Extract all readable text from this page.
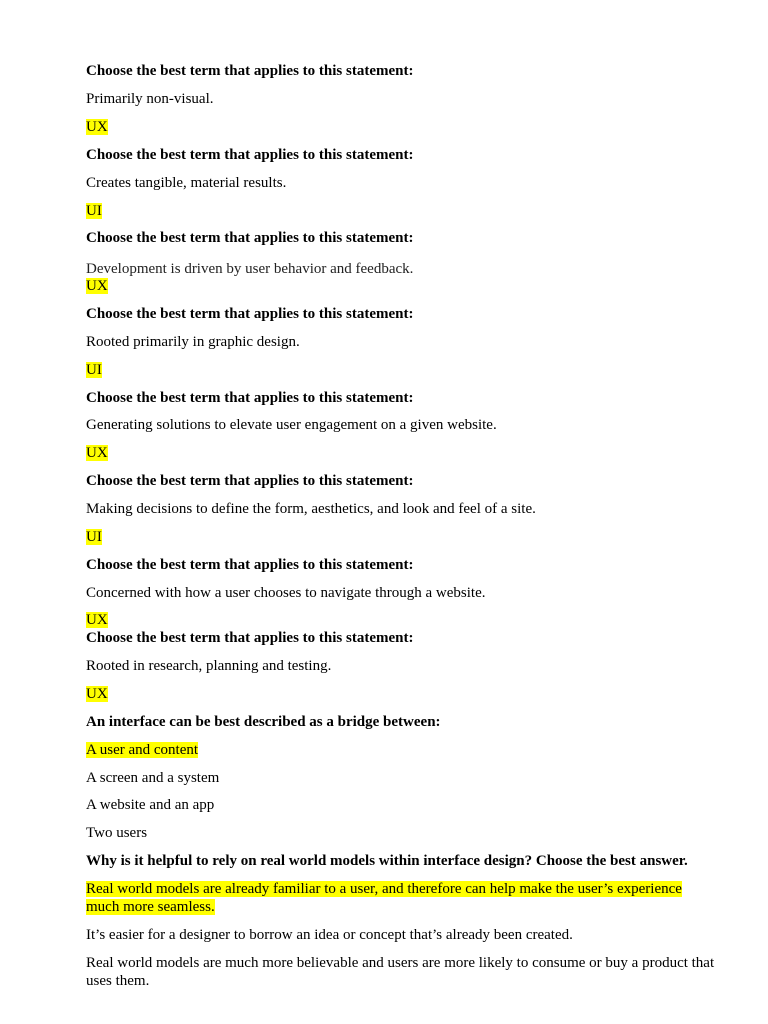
Choose the best term that applies to this statement:
Primarily non-visual.
UX
Choose the best term that applies to this statement:
Creates tangible, material results.
UI
Choose the best term that applies to this statement:
Development is driven by user behavior and feedback.
UX
Choose the best term that applies to this statement:
Rooted primarily in graphic design.
UI
Choose the best term that applies to this statement:
Generating solutions to elevate user engagement on a given website.
UX
Choose the best term that applies to this statement:
Making decisions to define the form, aesthetics, and look and feel of a site.
UI
Choose the best term that applies to this statement:
Concerned with how a user chooses to navigate through a website.
UX
Choose the best term that applies to this statement:
Rooted in research, planning and testing.
UX
An interface can be best described as a bridge between:
A user and content
A screen and a system
A website and an app
Two users
Why is it helpful to rely on real world models within interface design? Choose the best answer.
Real world models are already familiar to a user, and therefore can help make the user’s experience much more seamless.
It’s easier for a designer to borrow an idea or concept that’s already been created.
Real world models are much more believable and users are more likely to consume or buy a product that uses them.
